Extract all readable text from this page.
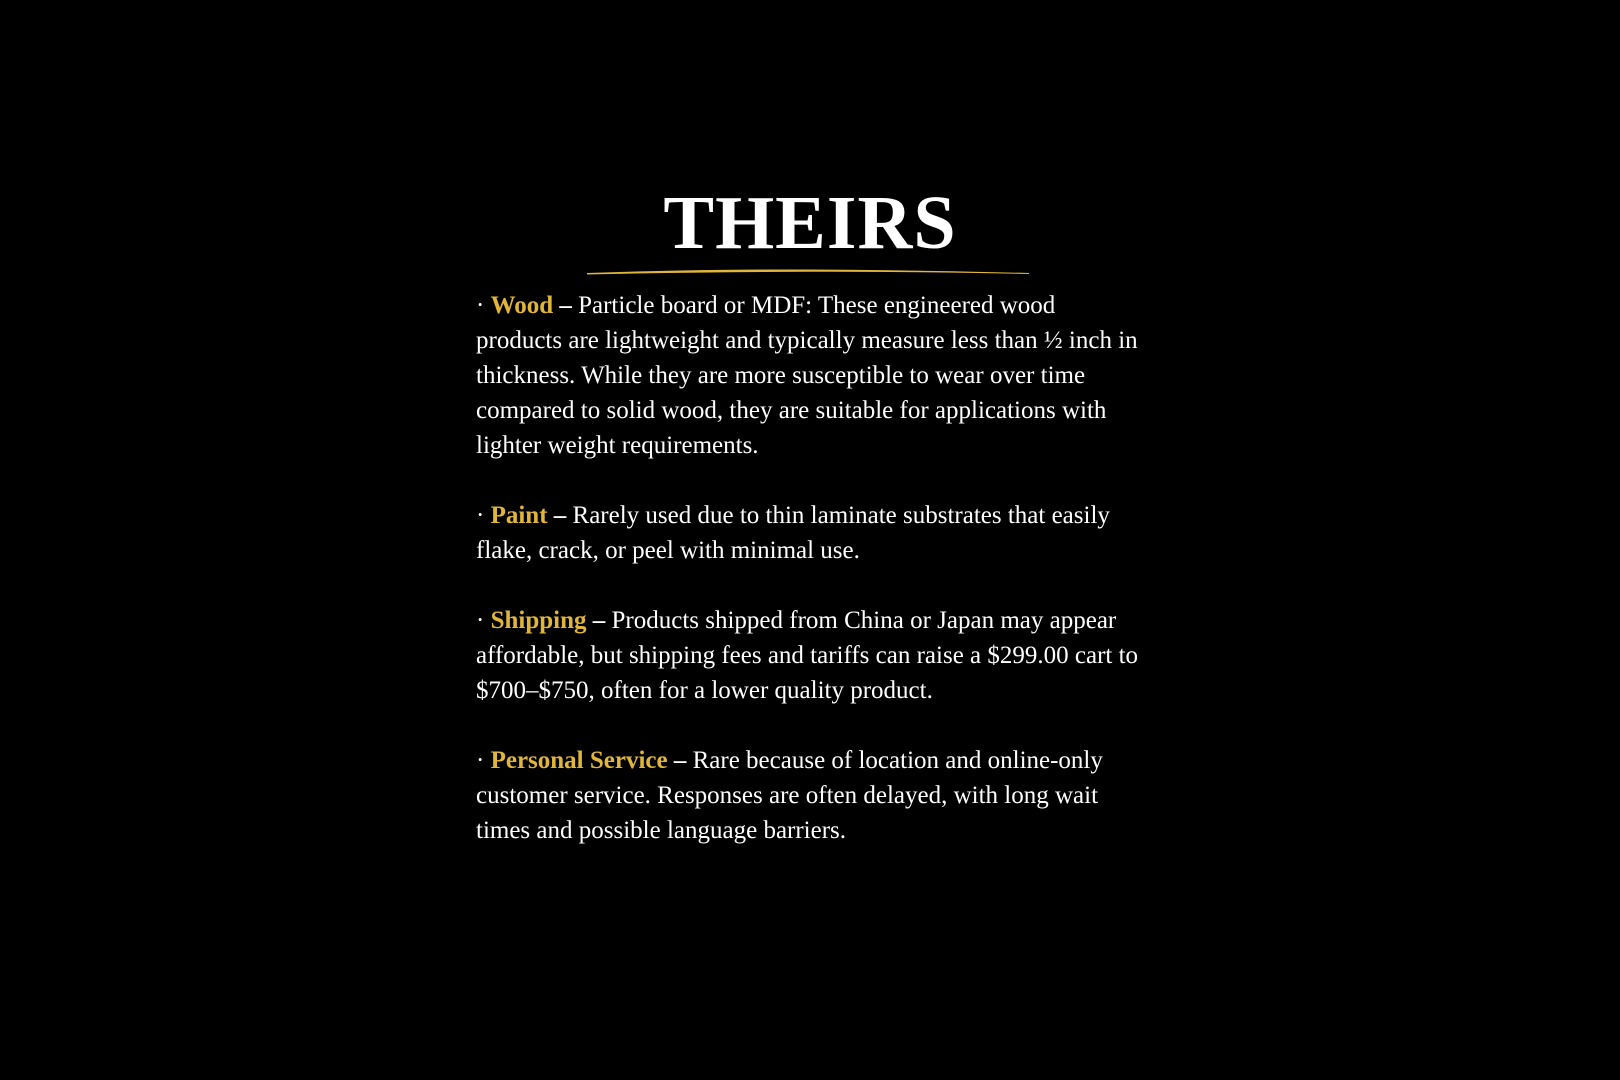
THEIRS

· Wood – Particle board or MDF: These engineered wood products are lightweight and typically measure less than ½ inch in thickness. While they are more susceptible to wear over time compared to solid wood, they are suitable for applications with lighter weight requirements.

· Paint – Rarely used due to thin laminate substrates that easily flake, crack, or peel with minimal use.

· Shipping – Products shipped from China or Japan may appear affordable, but shipping fees and tariffs can raise a $299.00 cart to $700–$750, often for a lower quality product.

· Personal Service – Rare because of location and online-only customer service. Responses are often delayed, with long wait times and possible language barriers.
